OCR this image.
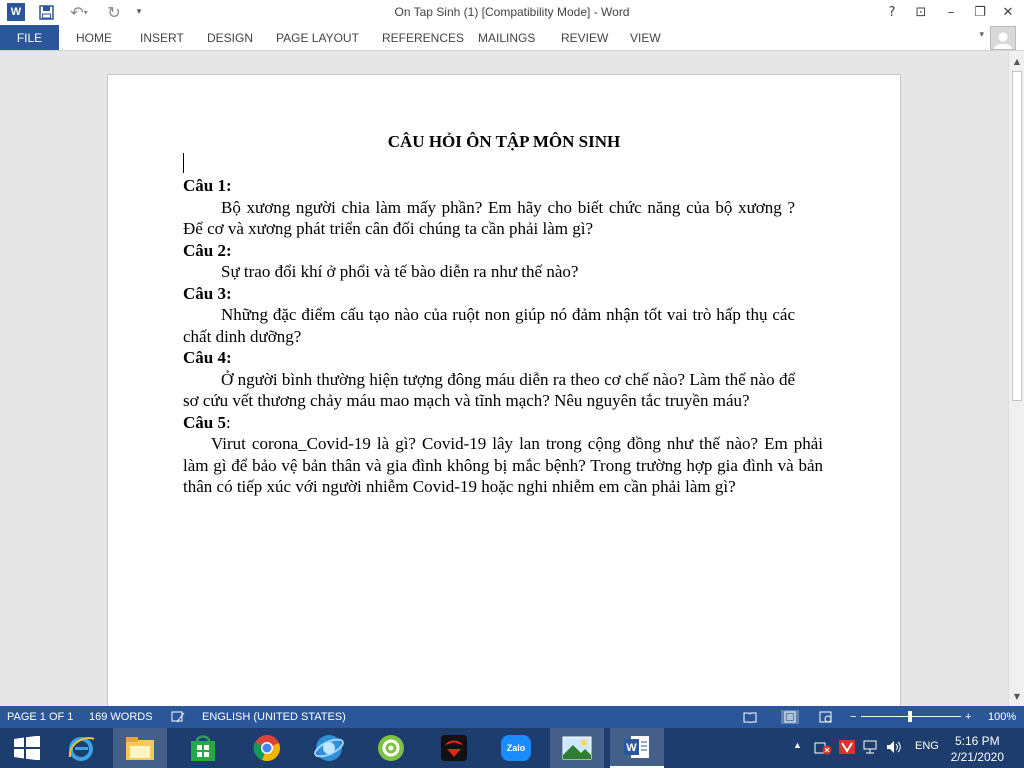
W	↶ ▾ ↻	▾	On Tap Sinh (1) [Compatibility Mode] - Word	?	⊡	–	❐	✕
FILE	HOME INSERT DESIGN PAGE LAYOUT REFERENCES MAILINGS REVIEW VIEW	▾
CÂU HỎI ÔN TẬP MÔN SINH
Câu 1:
Bộ xương người chia làm mấy phần? Em hãy cho biết chức năng của bộ xương ? Để cơ và xương phát triển cân đối chúng ta cần phải làm gì?
Câu 2:
Sự trao đổi khí ở phổi và tế bào diễn ra như thế nào?
Câu 3:
Những đặc điểm cấu tạo nào của ruột non giúp nó đảm nhận tốt vai trò hấp thụ các chất dinh dưỡng?
Câu 4:
Ở người bình thường hiện tượng đông máu diễn ra theo cơ chế nào? Làm thế nào để sơ cứu vết thương chảy máu mao mạch và tĩnh mạch? Nêu nguyên tắc truyền máu?
Câu 5:
Virut corona_Covid-19 là gì? Covid-19 lây lan trong cộng đồng như thế nào? Em phải làm gì để bảo vệ bản thân và gia đình không bị mắc bệnh? Trong trường hợp gia đình và bản thân có tiếp xúc với người nhiễm Covid-19 hoặc nghi nhiễm em cần phải làm gì?
▲
▼
PAGE 1 OF 1 169 WORDS	ENGLISH (UNITED STATES)	−	+ 100%
Zalo	W	▲	ENG	5:16 PM
2/21/2020
